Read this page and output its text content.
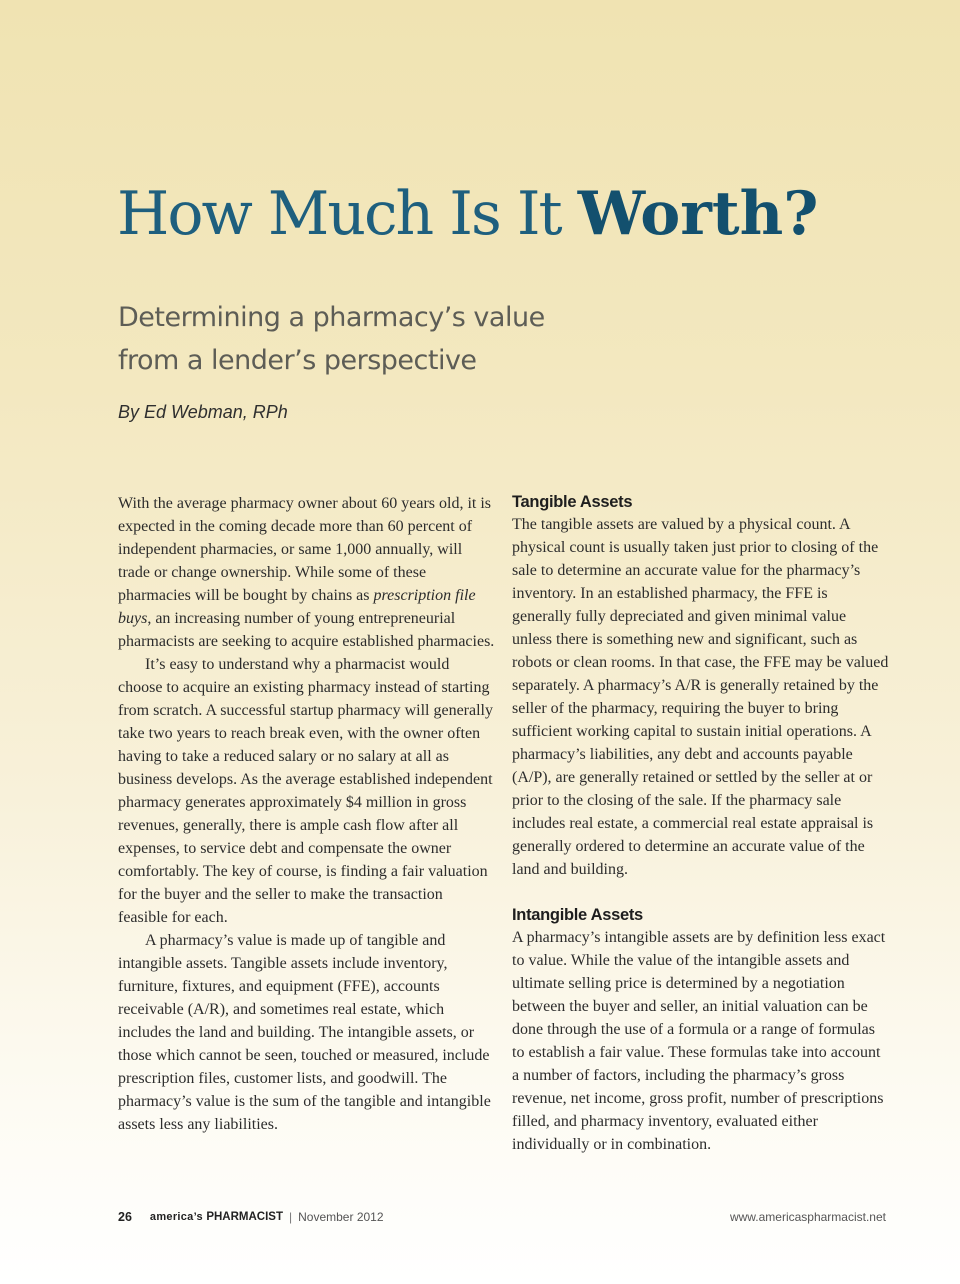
How Much Is It Worth?
Determining a pharmacy’s value
from a lender’s perspective
By Ed Webman, RPh

With the average pharmacy owner about 60 years old, it is expected in the coming decade more than 60 percent of independent pharmacies, or same 1,000 annually, will trade or change ownership. While some of these pharmacies will be bought by chains as prescription file buys, an increasing number of young entrepreneurial pharmacists are seeking to acquire established pharmacies.

It’s easy to understand why a pharmacist would choose to acquire an existing pharmacy instead of starting from scratch. A successful startup pharmacy will generally take two years to reach break even, with the owner often having to take a reduced salary or no salary at all as business develops. As the average established independent pharmacy generates approximately $4 million in gross revenues, generally, there is ample cash flow after all expenses, to service debt and compensate the owner comfortably. The key of course, is finding a fair valuation for the buyer and the seller to make the transaction feasible for each.

A pharmacy’s value is made up of tangible and intangible assets. Tangible assets include inventory, furniture, fixtures, and equipment (FFE), accounts receivable (A/R), and sometimes real estate, which includes the land and building. The intangible assets, or those which cannot be seen, touched or measured, include prescription files, customer lists, and goodwill. The pharmacy’s value is the sum of the tangible and intangible assets less any liabilities.

Tangible Assets

The tangible assets are valued by a physical count. A physical count is usually taken just prior to closing of the sale to determine an accurate value for the pharmacy’s inventory. In an established pharmacy, the FFE is generally fully depreciated and given minimal value unless there is something new and significant, such as robots or clean rooms. In that case, the FFE may be valued separately. A pharmacy’s A/R is generally retained by the seller of the pharmacy, requiring the buyer to bring sufficient working capital to sustain initial operations. A pharmacy’s liabilities, any debt and accounts payable (A/P), are generally retained or settled by the seller at or prior to the closing of the sale. If the pharmacy sale includes real estate, a commercial real estate appraisal is generally ordered to determine an accurate value of the land and building.

Intangible Assets

A pharmacy’s intangible assets are by definition less exact to value. While the value of the intangible assets and ultimate selling price is determined by a negotiation between the buyer and seller, an initial valuation can be done through the use of a formula or a range of formulas to establish a fair value. These formulas take into account a number of factors, including the pharmacy’s gross revenue, net income, gross profit, number of prescriptions filled, and pharmacy inventory, evaluated either individually or in combination.

26 america’s PHARMACIST | November 2012	www.americaspharmacist.net
